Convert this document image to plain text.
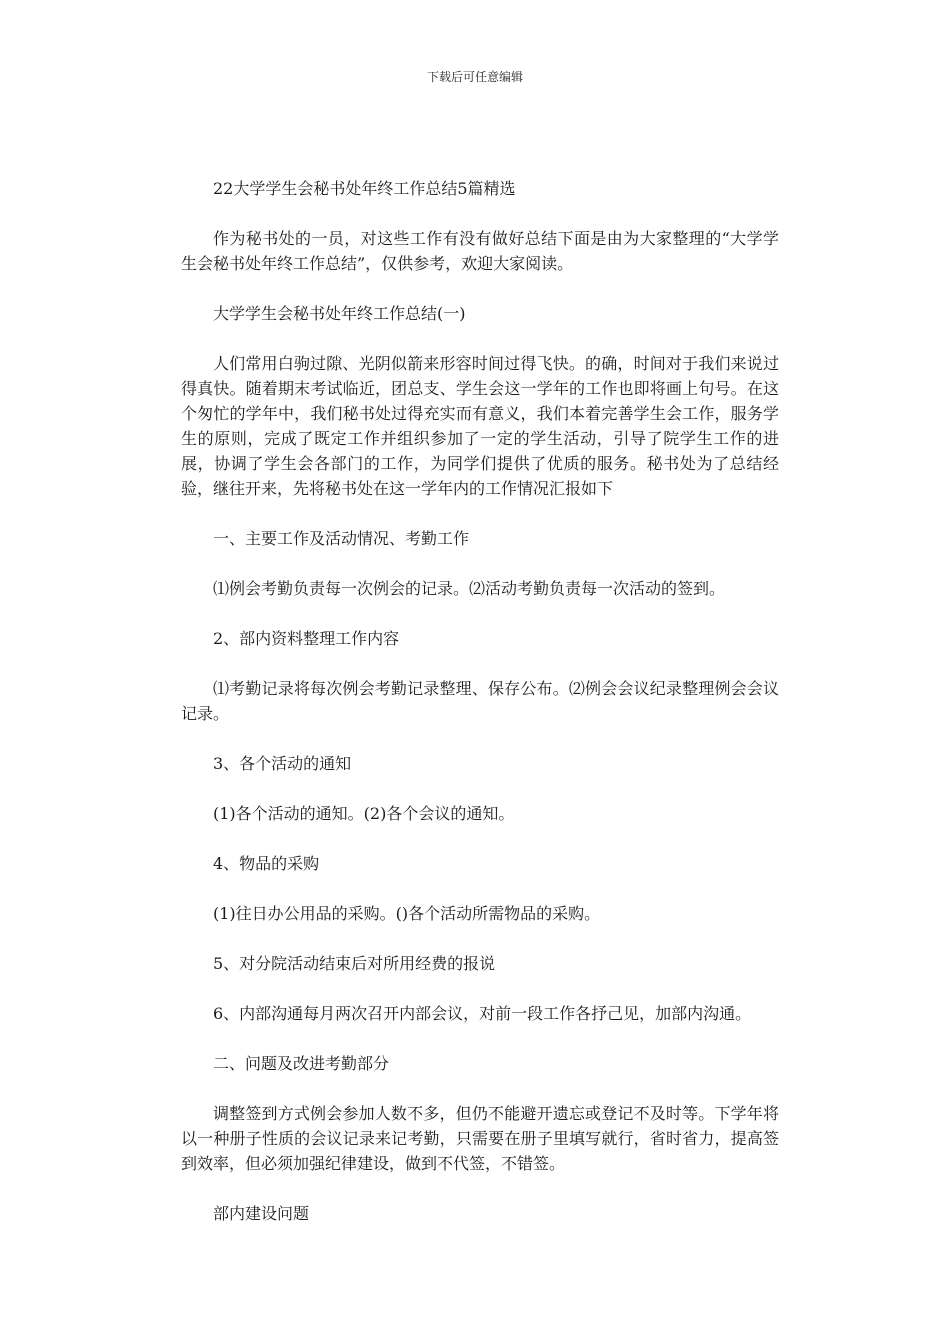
下载后可任意编辑

22大学学生会秘书处年终工作总结5篇精选

作为秘书处的一员，对这些工作有没有做好总结下面是由为大家整理的“大学学生会秘书处年终工作总结”，仅供参考，欢迎大家阅读。

大学学生会秘书处年终工作总结(一)

人们常用白驹过隙、光阴似箭来形容时间过得飞快。的确，时间对于我们来说过得真快。随着期末考试临近，团总支、学生会这一学年的工作也即将画上句号。在这个匆忙的学年中，我们秘书处过得充实而有意义，我们本着完善学生会工作，服务学生的原则，完成了既定工作并组织参加了一定的学生活动，引导了院学生工作的进展，协调了学生会各部门的工作，为同学们提供了优质的服务。秘书处为了总结经验，继往开来，先将秘书处在这一学年内的工作情况汇报如下

一、主要工作及活动情况、考勤工作

⑴例会考勤负责每一次例会的记录。⑵活动考勤负责每一次活动的签到。

2、部内资料整理工作内容

⑴考勤记录将每次例会考勤记录整理、保存公布。⑵例会会议纪录整理例会会议记录。

3、各个活动的通知

(1)各个活动的通知。(2)各个会议的通知。

4、物品的采购

(1)往日办公用品的采购。()各个活动所需物品的采购。

5、对分院活动结束后对所用经费的报说

6、内部沟通每月两次召开内部会议，对前一段工作各抒己见，加部内沟通。

二、问题及改进考勤部分

调整签到方式例会参加人数不多，但仍不能避开遗忘或登记不及时等。下学年将以一种册子性质的会议记录来记考勤，只需要在册子里填写就行，省时省力，提高签到效率，但必须加强纪律建设，做到不代签，不错签。

部内建设问题
